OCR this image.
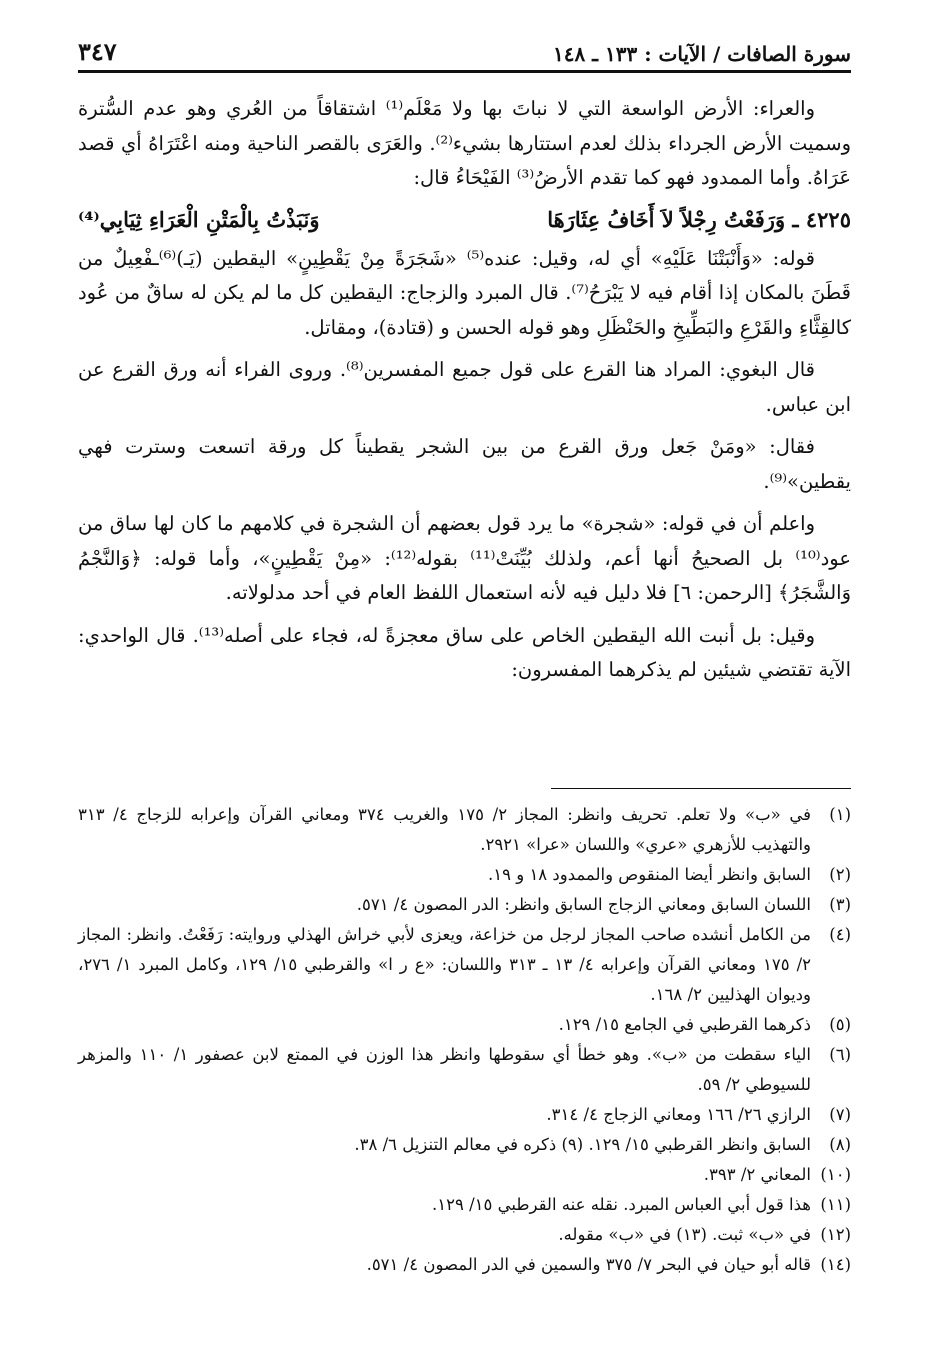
سورة الصافات / الآيات : ١٣٣ ـ ١٤٨
٣٤٧

والعراء: الأرض الواسعة التي لا نباتَ بها ولا مَعْلَم⁽¹⁾ اشتقاقاً من العُري وهو عدم السُّترة وسميت الأرض الجرداء بذلك لعدم استتارها بشيء⁽²⁾. والعَرَى بالقصر الناحية ومنه اعْتَرَاهُ أي قصد عَرَاهُ. وأما الممدود فهو كما تقدم الأرضُ⁽³⁾ الفَيْحَاءُ قال:

٤٢٢٥ ـ وَرَفَعْتُ رِجْلاً لاَ أَخَافُ عِثَارَهَا
وَنَبَذْتُ بِالْمَتْنِ الْعَرَاءِ ثِيَابِي⁽⁴⁾

قوله: «وَأَنْبَتْنَا عَلَيْهِ» أي له، وقيل: عنده⁽⁵⁾ «شَجَرَةً مِنْ يَقْطِينٍ» اليقطين (يَـ)⁽⁶⁾ـفْعِيلٌ من قَطَنَ بالمكان إذا أقام فيه لا يَبْرَحُ⁽⁷⁾. قال المبرد والزجاج: اليقطين كل ما لم يكن له ساقٌ من عُود كالقِثَّاءِ والقَرْعِ والبَطِّيخِ والحَنْظَلِ وهو قوله الحسن و (قتادة)، ومقاتل.

قال البغوي: المراد هنا القرع على قول جميع المفسرين⁽⁸⁾. وروى الفراء أنه ورق القرع عن ابن عباس.

فقال: «ومَنْ جَعل ورق القرع من بين الشجر يقطيناً كل ورقة اتسعت وسترت فهي يقطين»⁽⁹⁾.

واعلم أن في قوله: «شجرة» ما يرد قول بعضهم أن الشجرة في كلامهم ما كان لها ساق من عود⁽¹⁰⁾ بل الصحيحُ أنها أعم، ولذلك بُيِّنَتْ⁽¹¹⁾ بقوله⁽¹²⁾: «مِنْ يَقْطِينٍ»، وأما قوله: ﴿وَالنَّجْمُ وَالشَّجَرُ﴾ [الرحمن: ٦] فلا دليل فيه لأنه استعمال اللفظ العام في أحد مدلولاته.

وقيل: بل أنبت الله اليقطين الخاص على ساق معجزةً له، فجاء على أصله⁽¹³⁾. قال الواحدي: الآية تقتضي شيئين لم يذكرهما المفسرون:

(١)
في «ب» ولا تعلم. تحريف وانظر: المجاز ٢/ ١٧٥ والغريب ٣٧٤ ومعاني القرآن وإعرابه للزجاج ٤/ ٣١٣ والتهذيب للأزهري «عري» واللسان «عرا» ٢٩٢١.
(٢)
السابق وانظر أيضا المنقوص والممدود ١٨ و ١٩.
(٣)
اللسان السابق ومعاني الزجاج السابق وانظر: الدر المصون ٤/ ٥٧١.
(٤)
من الكامل أنشده صاحب المجاز لرجل من خزاعة، ويعزى لأبي خراش الهذلي وروايته: رَفَعْتُ. وانظر: المجاز ٢/ ١٧٥ ومعاني القرآن وإعرابه ٤/ ١٣ ـ ٣١٣ واللسان: «ع ر ا» والقرطبي ١٥/ ١٢٩، وكامل المبرد ١/ ٢٧٦، وديوان الهذليين ٢/ ١٦٨.
(٥)
ذكرهما القرطبي في الجامع ١٥/ ١٢٩.
(٦)
الياء سقطت من «ب». وهو خطأ أي سقوطها وانظر هذا الوزن في الممتع لابن عصفور ١/ ١١٠ والمزهر للسيوطي ٢/ ٥٩.
(٧)
الرازي ٢٦/ ١٦٦ ومعاني الزجاج ٤/ ٣١٤.
(٨)
السابق وانظر القرطبي ١٥/ ١٢٩. (٩) ذكره في معالم التنزيل ٦/ ٣٨.
(١٠)
المعاني ٢/ ٣٩٣.
(١١)
هذا قول أبي العباس المبرد. نقله عنه القرطبي ١٥/ ١٢٩.
(١٢)
في «ب» ثبت. (١٣) في «ب» مقوله.
(١٤)
قاله أبو حيان في البحر ٧/ ٣٧٥ والسمين في الدر المصون ٤/ ٥٧١.
